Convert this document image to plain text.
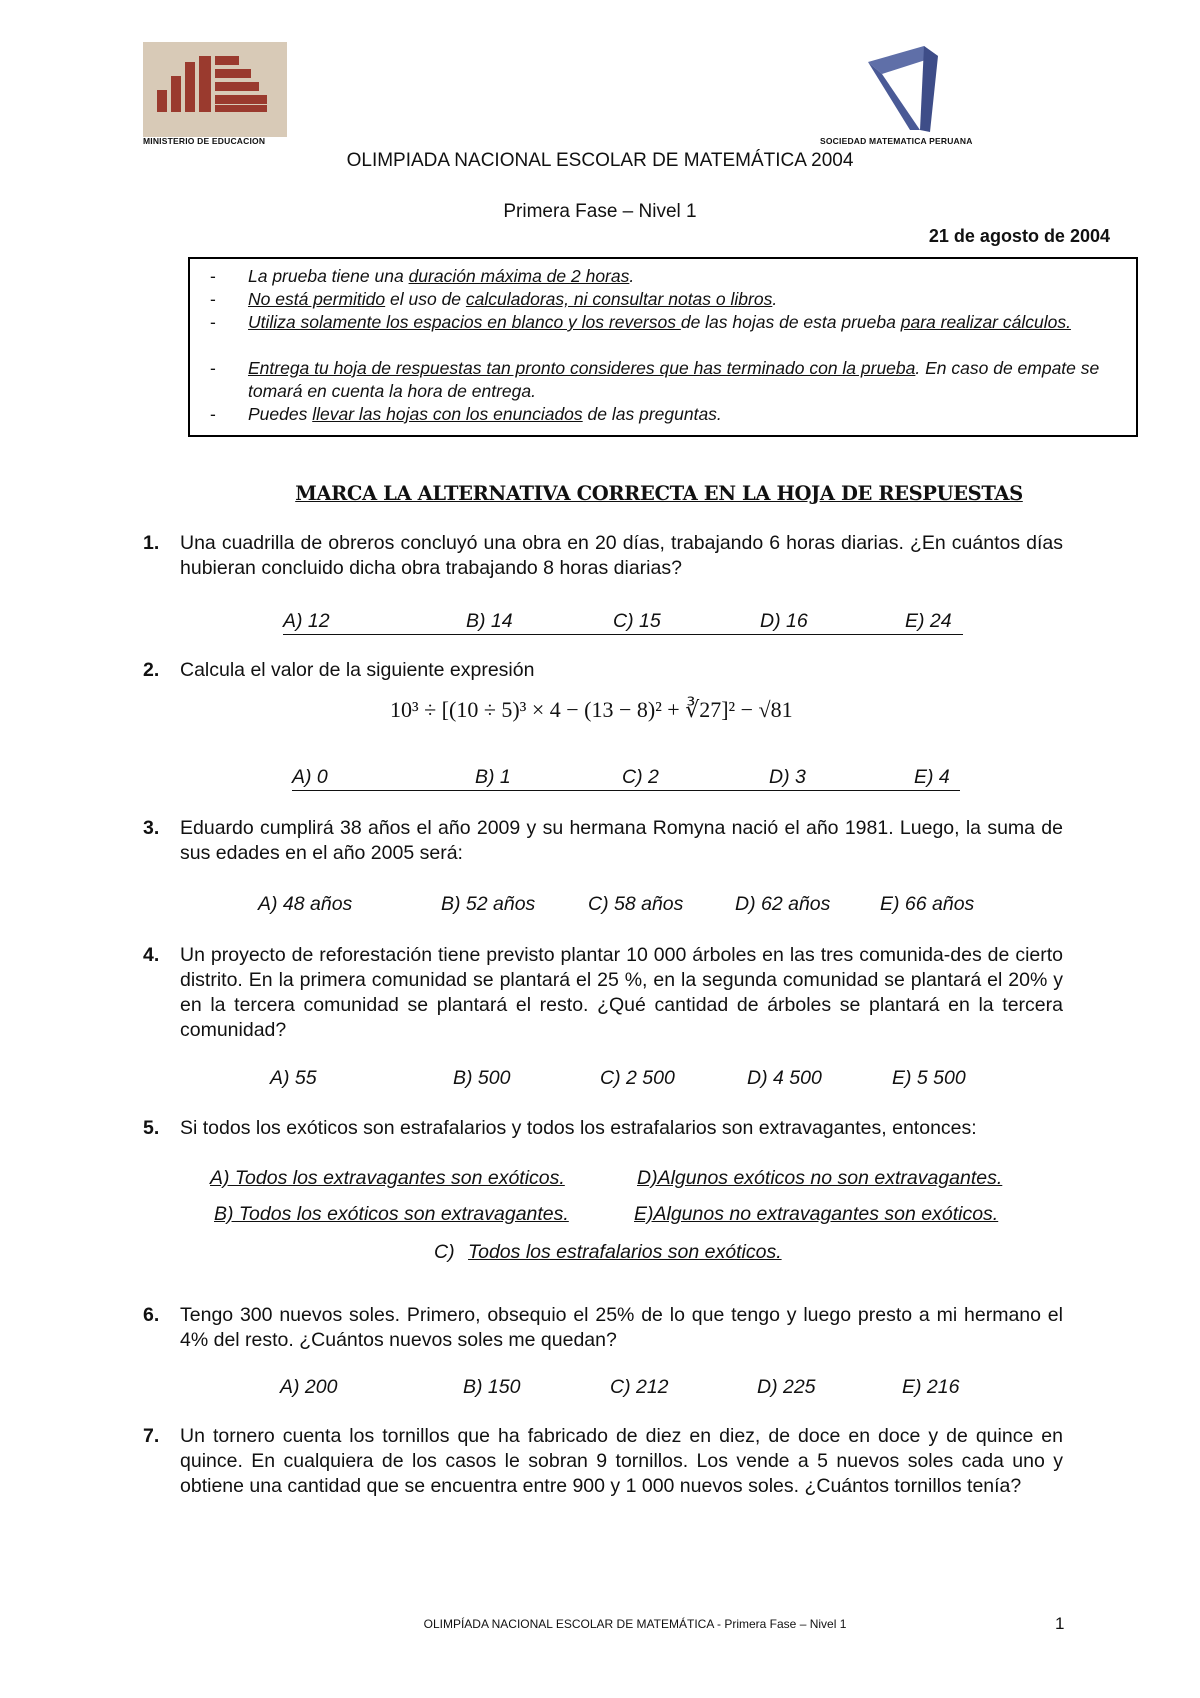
MINISTERIO DE EDUCACION	SOCIEDAD MATEMATICA PERUANA
OLIMPIADA NACIONAL ESCOLAR DE MATEMÁTICA 2004
Primera Fase – Nivel 1
21 de agosto de 2004
- La prueba tiene una duración máxima de 2 horas.
- No está permitido el uso de calculadoras, ni consultar notas o libros.
- Utiliza solamente los espacios en blanco y los reversos de las hojas de esta prueba para realizar cálculos.
- Entrega tu hoja de respuestas tan pronto consideres que has terminado con la prueba. En caso de empate se tomará en cuenta la hora de entrega.
- Puedes llevar las hojas con los enunciados de las preguntas.
MARCA LA ALTERNATIVA CORRECTA EN LA HOJA DE RESPUESTAS
1. Una cuadrilla de obreros concluyó una obra en 20 días, trabajando 6 horas diarias. ¿En cuántos días hubieran concluido dicha obra trabajando 8 horas diarias?
A) 12	B) 14	C) 15	D) 16	E) 24
2. Calcula el valor de la siguiente expresión
10³ ÷ [(10 ÷ 5)³ × 4 − (13 − 8)² + ∛27]² − √81
A) 0	B) 1	C) 2	D) 3	E) 4
3. Eduardo cumplirá 38 años el año 2009 y su hermana Romyna nació el año 1981. Luego, la suma de sus edades en el año 2005 será:
A) 48 años	B) 52 años	C) 58 años	D) 62 años	E) 66 años
4. Un proyecto de reforestación tiene previsto plantar 10 000 árboles en las tres comunida-des de cierto distrito. En la primera comunidad se plantará el 25 %, en la segunda comunidad se plantará el 20% y en la tercera comunidad se plantará el resto. ¿Qué cantidad de árboles se plantará en la tercera comunidad?
A) 55	B) 500	C) 2 500	D) 4 500	E) 5 500
5. Si todos los exóticos son estrafalarios y todos los estrafalarios son extravagantes, entonces:
A) Todos los extravagantes son exóticos.	D)Algunos exóticos no son extravagantes.
B) Todos los exóticos son extravagantes.	E)Algunos no extravagantes son exóticos.
C) Todos los estrafalarios son exóticos.
6. Tengo 300 nuevos soles. Primero, obsequio el 25% de lo que tengo y luego presto a mi hermano el 4% del resto. ¿Cuántos nuevos soles me quedan?
A) 200	B) 150	C) 212	D) 225	E) 216
7. Un tornero cuenta los tornillos que ha fabricado de diez en diez, de doce en doce y de quince en quince. En cualquiera de los casos le sobran 9 tornillos. Los vende a 5 nuevos soles cada uno y obtiene una cantidad que se encuentra entre 900 y 1 000 nuevos soles. ¿Cuántos tornillos tenía?
OLIMPÍADA NACIONAL ESCOLAR DE MATEMÁTICA - Primera Fase – Nivel 1	1
